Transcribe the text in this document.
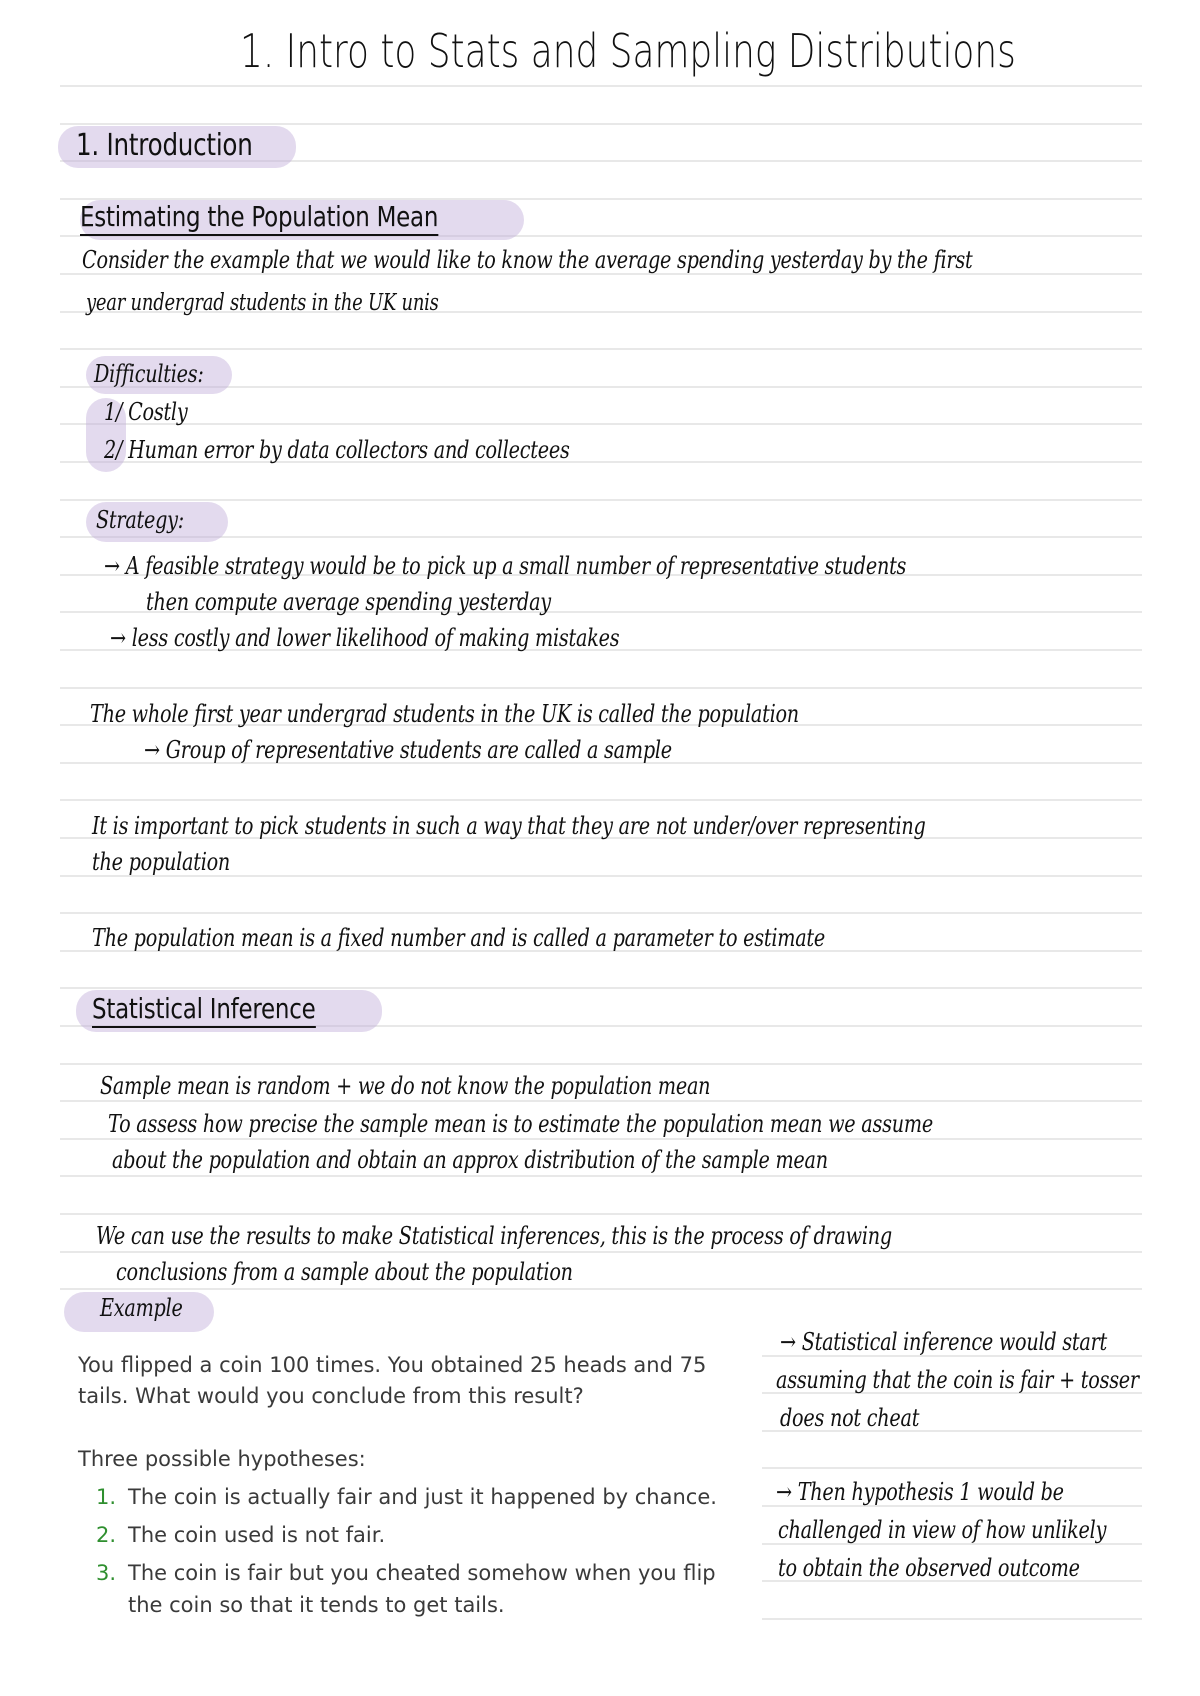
1. Intro to Stats and Sampling Distributions
1. Introduction
Estimating the Population Mean
Consider the example that we would like to know the average spending yesterday by the first
year undergrad students in the UK unis
Difficulties:
1/ Costly
2/ Human error by data collectors and collectees
Strategy:
→ A feasible strategy would be to pick up a small number of representative students
then compute average spending yesterday
→ less costly and lower likelihood of making mistakes
The whole first year undergrad students in the UK is called the population
→ Group of representative students are called a sample
It is important to pick students in such a way that they are not under/over representing
the population
The population mean is a fixed number and is called a parameter to estimate
Statistical Inference
Sample mean is random + we do not know the population mean
To assess how precise the sample mean is to estimate the population mean we assume
about the population and obtain an approx distribution of the sample mean
We can use the results to make Statistical inferences, this is the process of drawing
conclusions from a sample about the population
Example
You flipped a coin 100 times. You obtained 25 heads and 75
tails. What would you conclude from this result?
Three possible hypotheses:
1. The coin is actually fair and just it happened by chance.
2. The coin used is not fair.
3. The coin is fair but you cheated somehow when you flip
the coin so that it tends to get tails.
→ Statistical inference would start
assuming that the coin is fair + tosser
does not cheat
→ Then hypothesis 1 would be
challenged in view of how unlikely
to obtain the observed outcome
